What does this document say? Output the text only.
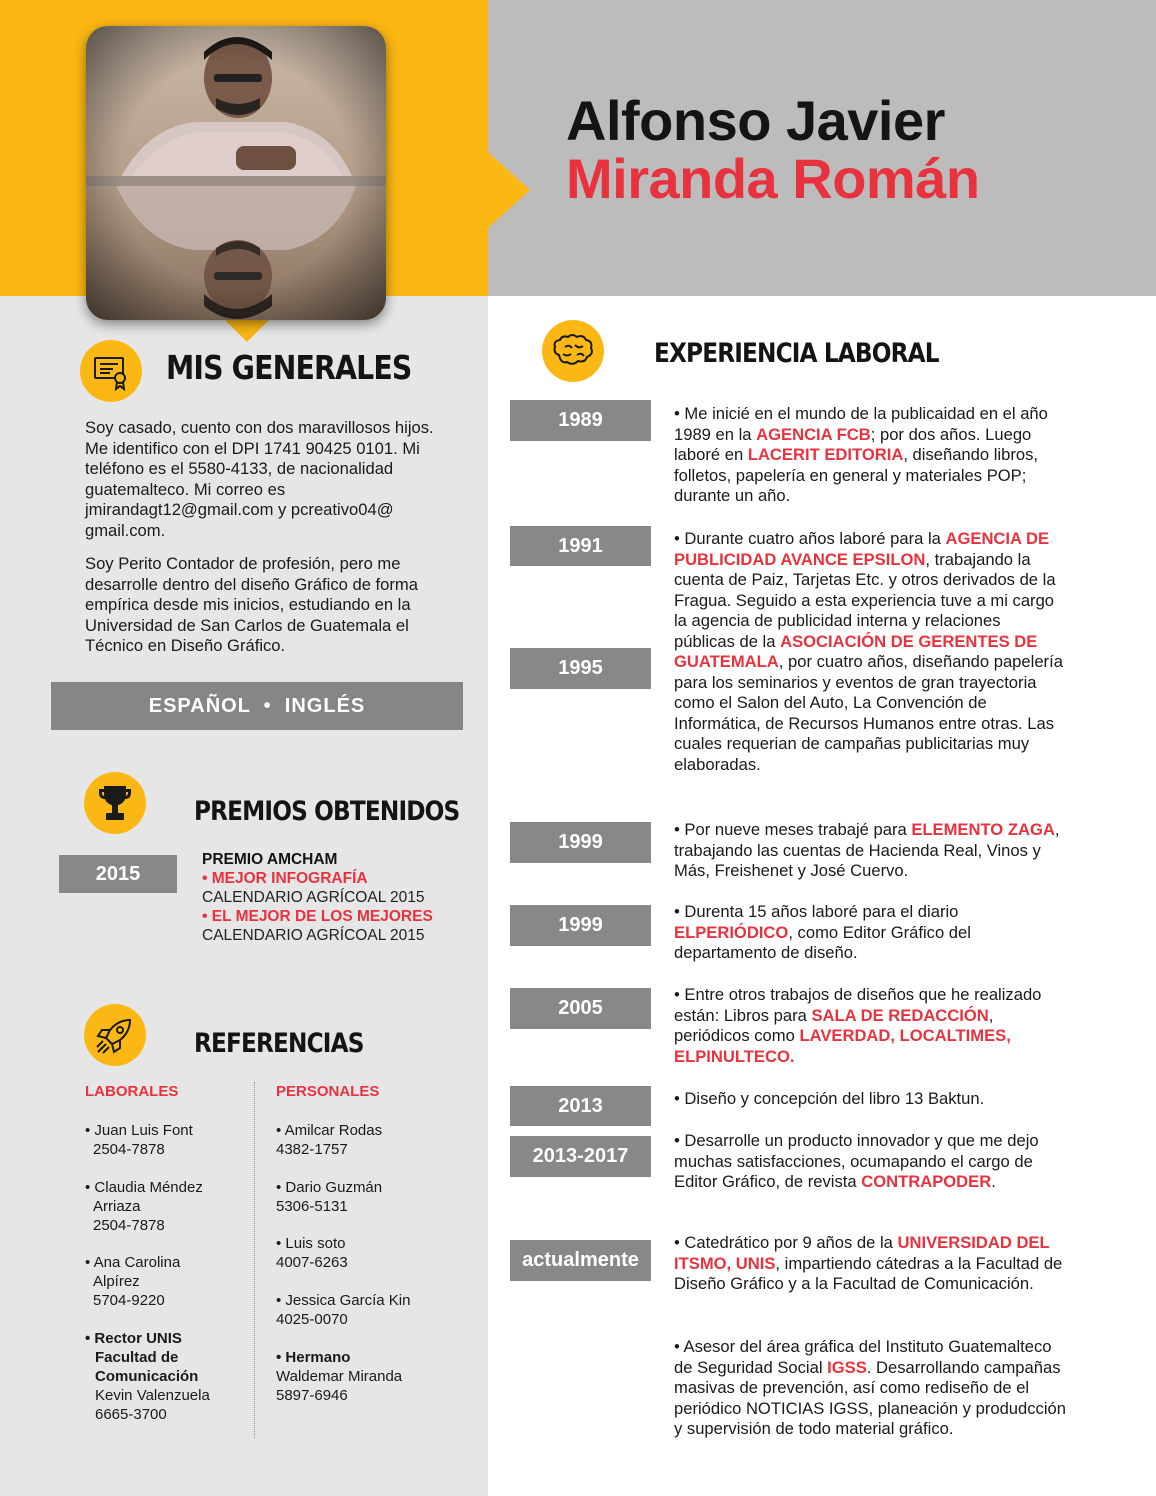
Alfonso Javier
Miranda Román
MIS GENERALES
Soy casado, cuento con dos maravillosos hijos. Me identifico con el DPI 1741 90425 0101. Mi teléfono es el 5580-4133, de nacionalidad guatemalteco. Mi correo es jmirandagt12@gmail.com y pcreativo04@ gmail.com.
Soy Perito Contador de profesión, pero me desarrolle dentro del diseño Gráfico de forma empírica desde mis inicios, estudiando en la Universidad de San Carlos de Guatemala el Técnico en Diseño Gráfico.
ESPAÑOL  •  INGLÉS
PREMIOS OBTENIDOS
2015
PREMIO AMCHAM
• MEJOR INFOGRAFÍA
CALENDARIO AGRÍCOAL 2015
• EL MEJOR DE LOS MEJORES
CALENDARIO AGRÍCOAL 2015
REFERENCIAS
LABORALES	PERSONALES
• Juan Luis Font
2504-7878
• Claudia Méndez
Arriaza
2504-7878
• Ana Carolina
Alpírez
5704-9220
• Rector UNIS
Facultad de
Comunicación
Kevin Valenzuela
6665-3700
• Amilcar Rodas
4382-1757
• Dario Guzmán
5306-5131
• Luis soto
4007-6263
• Jessica García Kin
4025-0070
• Hermano
Waldemar Miranda
5897-6946
EXPERIENCIA LABORAL
1989
1991
1995
1999
1999
2005
2013
2013-2017
actualmente
• Me inicié en el mundo de la publicaidad en el año 1989 en la AGENCIA FCB; por dos años. Luego laboré en LACERIT EDITORIA, diseñando libros, folletos, papelería en general y materiales POP; durante un año.
• Durante cuatro años laboré para la AGENCIA DE PUBLICIDAD AVANCE EPSILON, trabajando la cuenta de Paiz, Tarjetas Etc. y otros derivados de la Fragua. Seguido a esta experiencia tuve a mi cargo la agencia de publicidad interna y relaciones públicas de la ASOCIACIÓN DE GERENTES DE GUATEMALA, por cuatro años, diseñando papelería para los seminarios y eventos de gran trayectoria como el Salon del Auto, La Convención de Informática, de Recursos Humanos entre otras. Las cuales requerian de campañas publicitarias muy elaboradas.
• Por nueve meses trabajé para ELEMENTO ZAGA, trabajando las cuentas de Hacienda Real, Vinos y Más, Freishenet y José Cuervo.
• Durenta 15 años laboré para el diario ELPERIÓDICO, como Editor Gráfico del departamento de diseño.
• Entre otros trabajos de diseños que he realizado están: Libros para SALA DE REDACCIÓN, periódicos como LAVERDAD, LOCALTIMES, ELPINULTECO.
• Diseño y concepción del libro 13 Baktun.
• Desarrolle un producto innovador y que me dejo muchas satisfacciones, ocumapando el cargo de Editor Gráfico, de revista CONTRAPODER.
• Catedrático por 9 años de la UNIVERSIDAD DEL ITSMO, UNIS, impartiendo cátedras a la Facultad de Diseño Gráfico y a la Facultad de Comunicación.
• Asesor del área gráfica del Instituto Guatemalteco de Seguridad Social IGSS. Desarrollando campañas masivas de prevención, así como rediseño de el periódico NOTICIAS IGSS, planeación y produdcción y supervisión de todo material gráfico.
